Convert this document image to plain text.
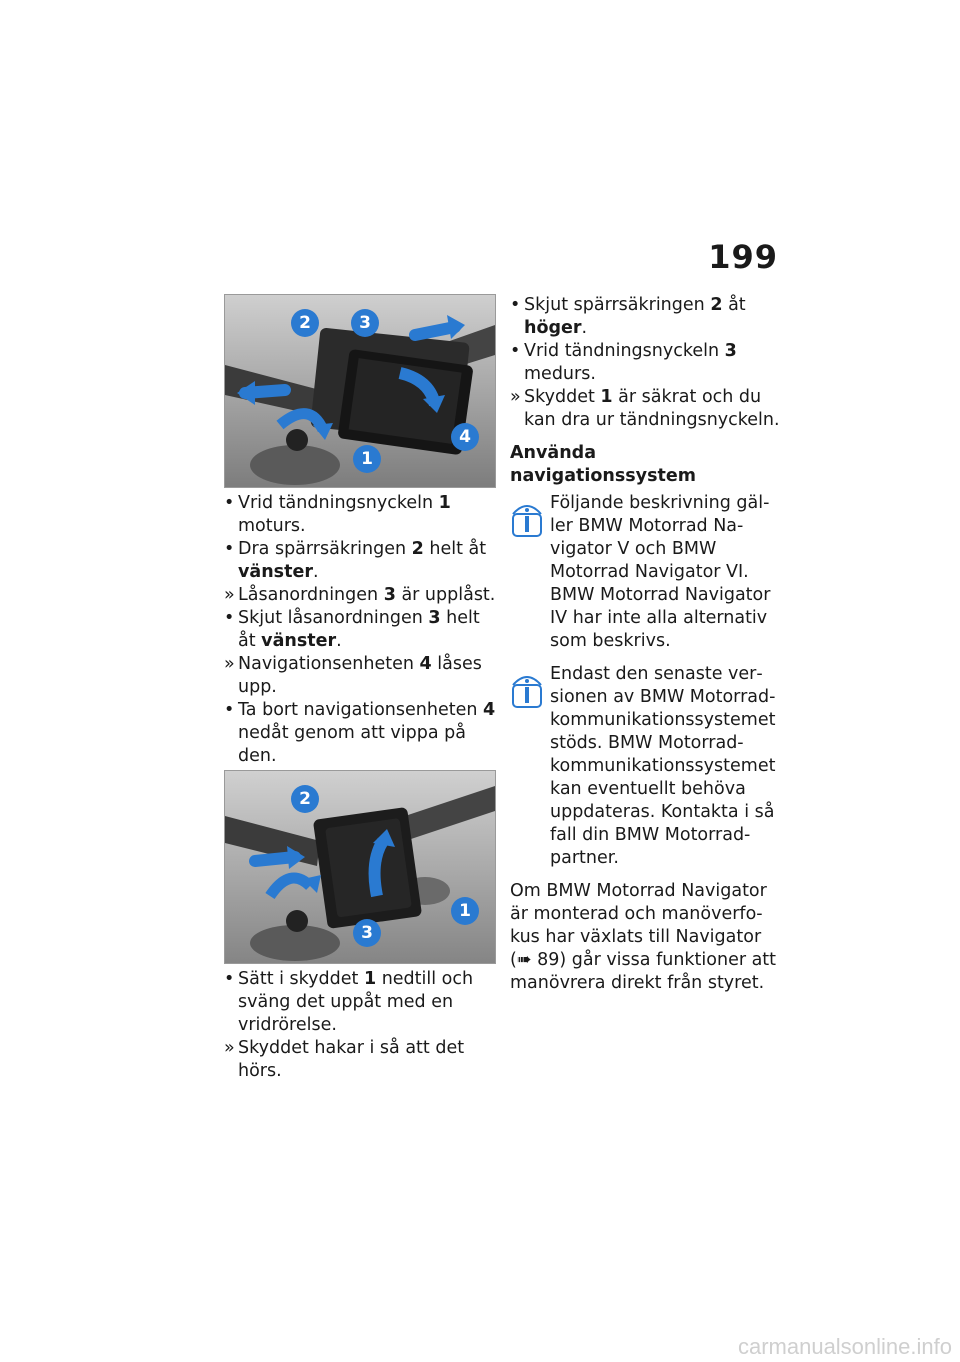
199
2	3
4
1

• Vrid tändningsnyckeln 1 moturs.

• Dra spärrsäkringen 2 helt åt vänster.

» Låsanordningen 3 är upplåst.

• Skjut låsanordningen 3 helt åt vänster.

» Navigationsenheten 4 låses upp.

• Ta bort navigationsenheten 4 nedåt genom att vippa på den.

2
1
3

• Sätt i skyddet 1 nedtill och sväng det uppåt med en vridrörelse.

» Skyddet hakar i så att det hörs.

• Skjut spärrsäkringen 2 åt höger.

• Vrid tändningsnyckeln 3 medurs.

» Skyddet 1 är säkrat och du kan dra ur tändningsnyckeln.

Använda navigationssystem

Följande beskrivning gäller BMW Motorrad Navigator V och BMW Motorrad Navigator VI. BMW Motorrad Navigator IV har inte alla alternativ som beskrivs.

Endast den senaste versionen av BMW Motorrad-kommunikationssystemet stöds. BMW Motorrad-kommunikationssystemet kan eventuellt behöva uppdateras. Kontakta i så fall din BMW Motorrad-partner.

Om BMW Motorrad Navigator är monterad och manöverfokus har växlats till Navigator (➠ 89) går vissa funktioner att manövrera direkt från styret.

carmanualsonline.info
